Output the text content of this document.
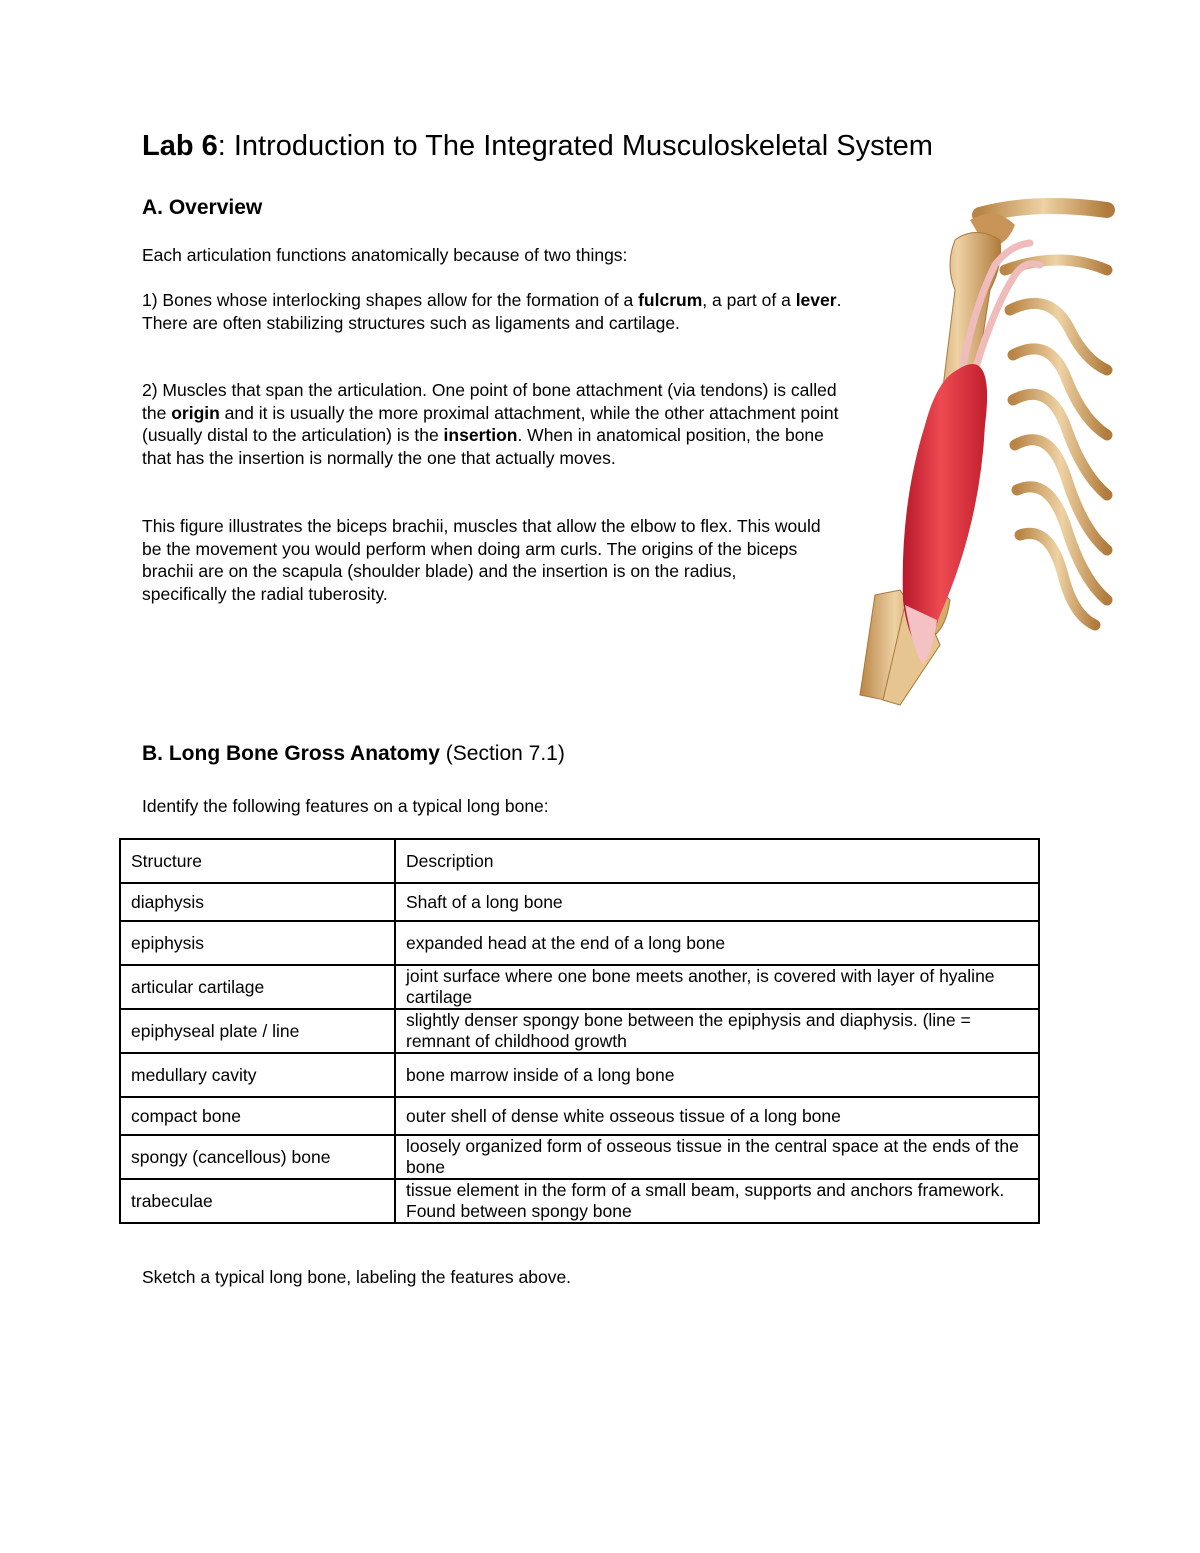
Lab 6: Introduction to The Integrated Musculoskeletal System
A. Overview

Each articulation functions anatomically because of two things:

1) Bones whose interlocking shapes allow for the formation of a fulcrum, a part of a lever. There are often stabilizing structures such as ligaments and cartilage.

2) Muscles that span the articulation. One point of bone attachment (via tendons) is called the origin and it is usually the more proximal attachment, while the other attachment point (usually distal to the articulation) is the insertion. When in anatomical position, the bone that has the insertion is normally the one that actually moves.

This figure illustrates the biceps brachii, muscles that allow the elbow to flex. This would be the movement you would perform when doing arm curls. The origins of the biceps brachii are on the scapula (shoulder blade) and the insertion is on the radius, specifically the radial tuberosity.

B. Long Bone Gross Anatomy (Section 7.1)

Identify the following features on a typical long bone:

Structure	Description
diaphysis	Shaft of a long bone
epiphysis	expanded head at the end of a long bone
articular cartilage	joint surface where one bone meets another, is covered with layer of hyaline cartilage
epiphyseal plate / line	slightly denser spongy bone between the epiphysis and diaphysis. (line = remnant of childhood growth
medullary cavity	bone marrow inside of a long bone
compact bone	outer shell of dense white osseous tissue of a long bone
spongy (cancellous) bone	loosely organized form of osseous tissue in the central space at the ends of the bone
trabeculae	tissue element in the form of a small beam, supports and anchors framework. Found between spongy bone

Sketch a typical long bone, labeling the features above.
